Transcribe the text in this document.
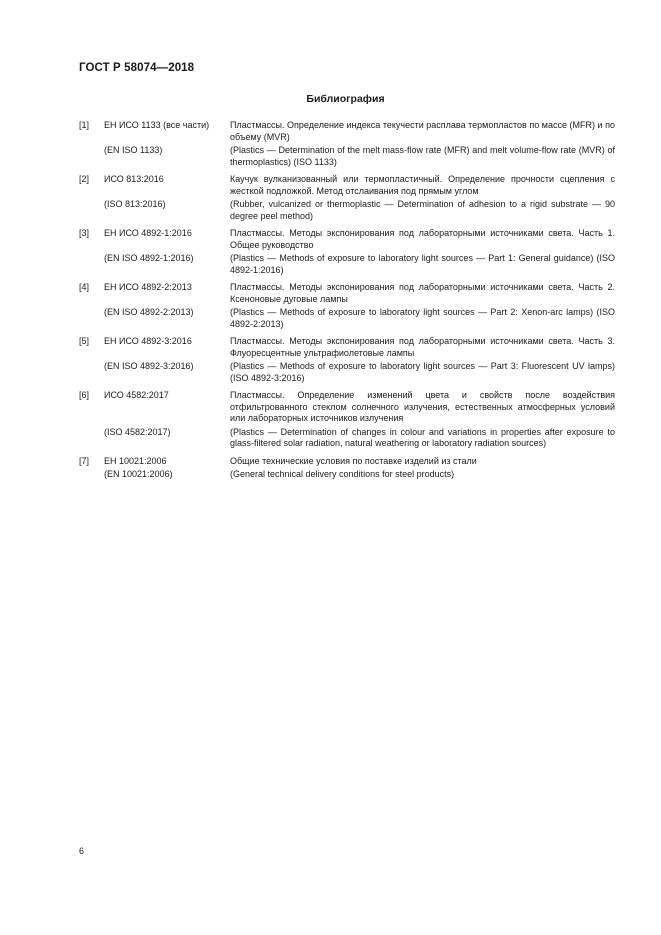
ГОСТ Р 58074—2018
Библиография
[1]	ЕН ИСО 1133 (все части)	Пластмассы. Определение индекса текучести расплава термопластов по массе (MFR) и по объему (MVR)
(EN ISO 1133)	(Plastics — Determination of the melt mass-flow rate (MFR) and melt volume-flow rate (MVR) of thermoplastics) (ISO 1133)
[2]	ИСО 813:2016	Каучук вулканизованный или термопластичный. Определение прочности сцепления с жесткой подложкой. Метод отслаивания под прямым углом
(ISO 813:2016)	(Rubber, vulcanized or thermoplastic — Determination of adhesion to a rigid substrate — 90 degree peel method)
[3]	ЕН ИСО 4892-1:2016	Пластмассы. Методы экспонирования под лабораторными источниками света. Часть 1. Общее руководство
(EN ISO 4892-1:2016)	(Plastics — Methods of exposure to laboratory light sources — Part 1: General guidance) (ISO 4892-1:2016)
[4]	ЕН ИСО 4892-2:2013	Пластмассы. Методы экспонирования под лабораторными источниками света. Часть 2. Ксеноновые дуговые лампы
(EN ISO 4892-2:2013)	(Plastics — Methods of exposure to laboratory light sources — Part 2: Xenon-arc lamps) (ISO 4892-2:2013)
[5]	ЕН ИСО 4892-3:2016	Пластмассы. Методы экспонирования под лабораторными источниками света. Часть 3. Флуоресцентные ультрафиолетовые лампы
(EN ISO 4892-3:2016)	(Plastics — Methods of exposure to laboratory light sources — Part 3: Fluorescent UV lamps) (ISO 4892-3:2016)
[6]	ИСО 4582:2017	Пластмассы. Определение изменений цвета и свойств после воздействия отфильтрованного стеклом солнечного излучения, естественных атмосферных условий или лабораторных источников излучения
(ISO 4582:2017)	(Plastics — Determination of changes in colour and variations in properties after exposure to glass-filtered solar radiation, natural weathering or laboratory radiation sources)
[7]	ЕН 10021:2006	Общие технические условия по поставке изделий из стали
(EN 10021:2006)	(General technical delivery conditions for steel products)
6
